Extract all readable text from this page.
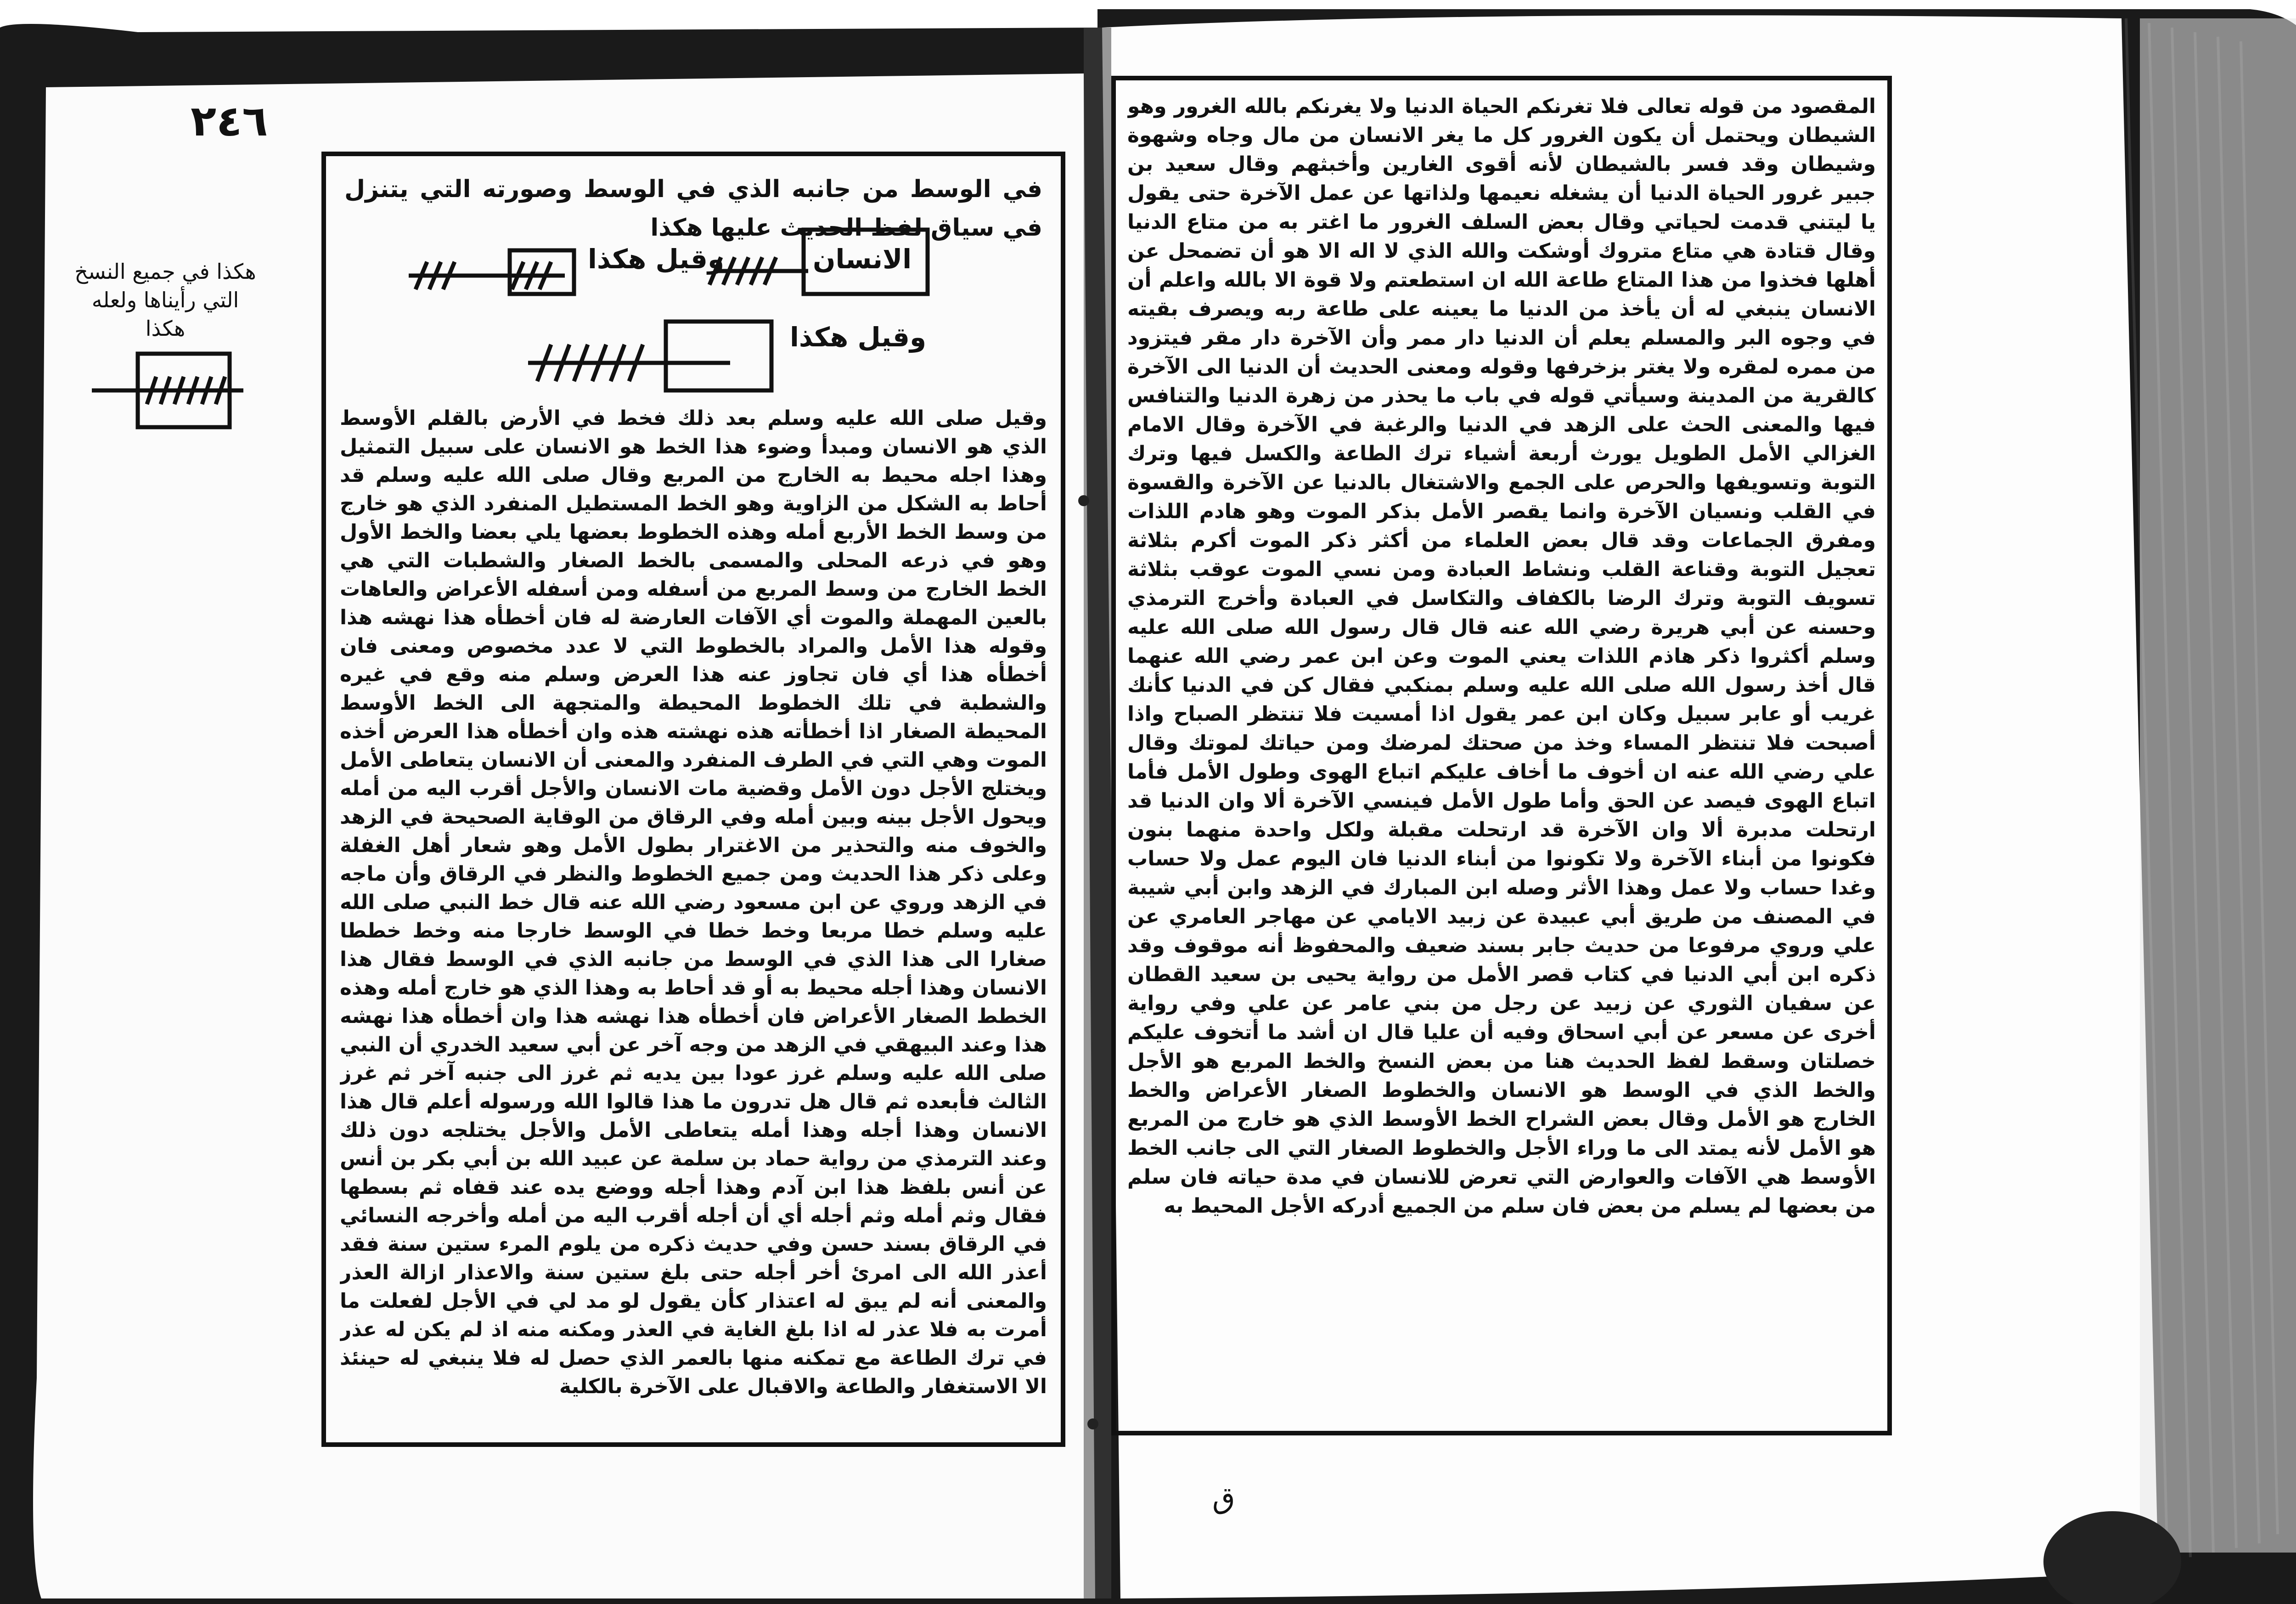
٢٤٦
هكذا في جميع النسخ التي رأيناها ولعله هكذا
في الوسط من جانبه الذي في الوسط وصورته التي يتنزل في سياق لفظ الحديث عليها هكذا
الانسان
وقيل هكذا
وقيل هكذا
وقيل صلى الله عليه وسلم بعد ذلك فخط في الأرض بالقلم الأوسط الذي هو الانسان ومبدأ وضوء هذا الخط هو الانسان على سبيل التمثيل وهذا اجله محيط به الخارج من المربع وقال صلى الله عليه وسلم قد أحاط به الشكل من الزاوية وهو الخط المستطيل المنفرد الذي هو خارج من وسط الخط الأربع أمله وهذه الخطوط بعضها يلي بعضا والخط الأول وهو في ذرعه المحلى والمسمى بالخط الصغار والشطبات التي هي الخط الخارج من وسط المربع من أسفله ومن أسفله الأعراض والعاهات بالعين المهملة والموت أي الآفات العارضة له فان أخطأه هذا نهشه هذا وقوله هذا الأمل والمراد بالخطوط التي لا عدد مخصوص ومعنى فان أخطأه هذا أي فان تجاوز عنه هذا العرض وسلم منه وقع في غيره والشطبة في تلك الخطوط المحيطة والمتجهة الى الخط الأوسط المحيطة الصغار اذا أخطأته هذه نهشته هذه وان أخطأه هذا العرض أخذه الموت وهي التي في الطرف المنفرد والمعنى أن الانسان يتعاطى الأمل ويختلج الأجل دون الأمل وقضية مات الانسان والأجل أقرب اليه من أمله ويحول الأجل بينه وبين أمله وفي الرقاق من الوقاية الصحيحة في الزهد والخوف منه والتحذير من الاغترار بطول الأمل وهو شعار أهل الغفلة وعلى ذكر هذا الحديث ومن جميع الخطوط والنظر في الرقاق وأن ماجه في الزهد وروي عن ابن مسعود رضي الله عنه قال خط النبي صلى الله عليه وسلم خطا مربعا وخط خطا في الوسط خارجا منه وخط خططا صغارا الى هذا الذي في الوسط من جانبه الذي في الوسط فقال هذا الانسان وهذا أجله محيط به أو قد أحاط به وهذا الذي هو خارج أمله وهذه الخطط الصغار الأعراض فان أخطأه هذا نهشه هذا وان أخطأه هذا نهشه هذا وعند البيهقي في الزهد من وجه آخر عن أبي سعيد الخدري أن النبي صلى الله عليه وسلم غرز عودا بين يديه ثم غرز الى جنبه آخر ثم غرز الثالث فأبعده ثم قال هل تدرون ما هذا قالوا الله ورسوله أعلم قال هذا الانسان وهذا أجله وهذا أمله يتعاطى الأمل والأجل يختلجه دون ذلك وعند الترمذي من رواية حماد بن سلمة عن عبيد الله بن أبي بكر بن أنس عن أنس بلفظ هذا ابن آدم وهذا أجله ووضع يده عند قفاه ثم بسطها فقال وثم أمله وثم أجله أي أن أجله أقرب اليه من أمله وأخرجه النسائي في الرقاق بسند حسن وفي حديث ذكره من يلوم المرء ستين سنة فقد أعذر الله الى امرئ أخر أجله حتى بلغ ستين سنة والاعذار ازالة العذر والمعنى أنه لم يبق له اعتذار كأن يقول لو مد لي في الأجل لفعلت ما أمرت به فلا عذر له اذا بلغ الغاية في العذر ومكنه منه اذ لم يكن له عذر في ترك الطاعة مع تمكنه منها بالعمر الذي حصل له فلا ينبغي له حينئذ الا الاستغفار والطاعة والاقبال على الآخرة بالكلية
المقصود من قوله تعالى فلا تغرنكم الحياة الدنيا ولا يغرنكم بالله الغرور وهو الشيطان ويحتمل أن يكون الغرور كل ما يغر الانسان من مال وجاه وشهوة وشيطان وقد فسر بالشيطان لأنه أقوى الغارين وأخبثهم وقال سعيد بن جبير غرور الحياة الدنيا أن يشغله نعيمها ولذاتها عن عمل الآخرة حتى يقول يا ليتني قدمت لحياتي وقال بعض السلف الغرور ما اغتر به من متاع الدنيا وقال قتادة هي متاع متروك أوشكت والله الذي لا اله الا هو أن تضمحل عن أهلها فخذوا من هذا المتاع طاعة الله ان استطعتم ولا قوة الا بالله واعلم أن الانسان ينبغي له أن يأخذ من الدنيا ما يعينه على طاعة ربه ويصرف بقيته في وجوه البر والمسلم يعلم أن الدنيا دار ممر وأن الآخرة دار مقر فيتزود من ممره لمقره ولا يغتر بزخرفها وقوله ومعنى الحديث أن الدنيا الى الآخرة كالقرية من المدينة وسيأتي قوله في باب ما يحذر من زهرة الدنيا والتنافس فيها والمعنى الحث على الزهد في الدنيا والرغبة في الآخرة وقال الامام الغزالي الأمل الطويل يورث أربعة أشياء ترك الطاعة والكسل فيها وترك التوبة وتسويفها والحرص على الجمع والاشتغال بالدنيا عن الآخرة والقسوة في القلب ونسيان الآخرة وانما يقصر الأمل بذكر الموت وهو هادم اللذات ومفرق الجماعات وقد قال بعض العلماء من أكثر ذكر الموت أكرم بثلاثة تعجيل التوبة وقناعة القلب ونشاط العبادة ومن نسي الموت عوقب بثلاثة تسويف التوبة وترك الرضا بالكفاف والتكاسل في العبادة وأخرج الترمذي وحسنه عن أبي هريرة رضي الله عنه قال قال رسول الله صلى الله عليه وسلم أكثروا ذكر هاذم اللذات يعني الموت وعن ابن عمر رضي الله عنهما قال أخذ رسول الله صلى الله عليه وسلم بمنكبي فقال كن في الدنيا كأنك غريب أو عابر سبيل وكان ابن عمر يقول اذا أمسيت فلا تنتظر الصباح واذا أصبحت فلا تنتظر المساء وخذ من صحتك لمرضك ومن حياتك لموتك وقال علي رضي الله عنه ان أخوف ما أخاف عليكم اتباع الهوى وطول الأمل فأما اتباع الهوى فيصد عن الحق وأما طول الأمل فينسي الآخرة ألا وان الدنيا قد ارتحلت مدبرة ألا وان الآخرة قد ارتحلت مقبلة ولكل واحدة منهما بنون فكونوا من أبناء الآخرة ولا تكونوا من أبناء الدنيا فان اليوم عمل ولا حساب وغدا حساب ولا عمل وهذا الأثر وصله ابن المبارك في الزهد وابن أبي شيبة في المصنف من طريق أبي عبيدة عن زبيد الايامي عن مهاجر العامري عن علي وروي مرفوعا من حديث جابر بسند ضعيف والمحفوظ أنه موقوف وقد ذكره ابن أبي الدنيا في كتاب قصر الأمل من رواية يحيى بن سعيد القطان عن سفيان الثوري عن زبيد عن رجل من بني عامر عن علي وفي رواية أخرى عن مسعر عن أبي اسحاق وفيه أن عليا قال ان أشد ما أتخوف عليكم خصلتان وسقط لفظ الحديث هنا من بعض النسخ والخط المربع هو الأجل والخط الذي في الوسط هو الانسان والخطوط الصغار الأعراض والخط الخارج هو الأمل وقال بعض الشراح الخط الأوسط الذي هو خارج من المربع هو الأمل لأنه يمتد الى ما وراء الأجل والخطوط الصغار التي الى جانب الخط الأوسط هي الآفات والعوارض التي تعرض للانسان في مدة حياته فان سلم من بعضها لم يسلم من بعض فان سلم من الجميع أدركه الأجل المحيط به
ق
